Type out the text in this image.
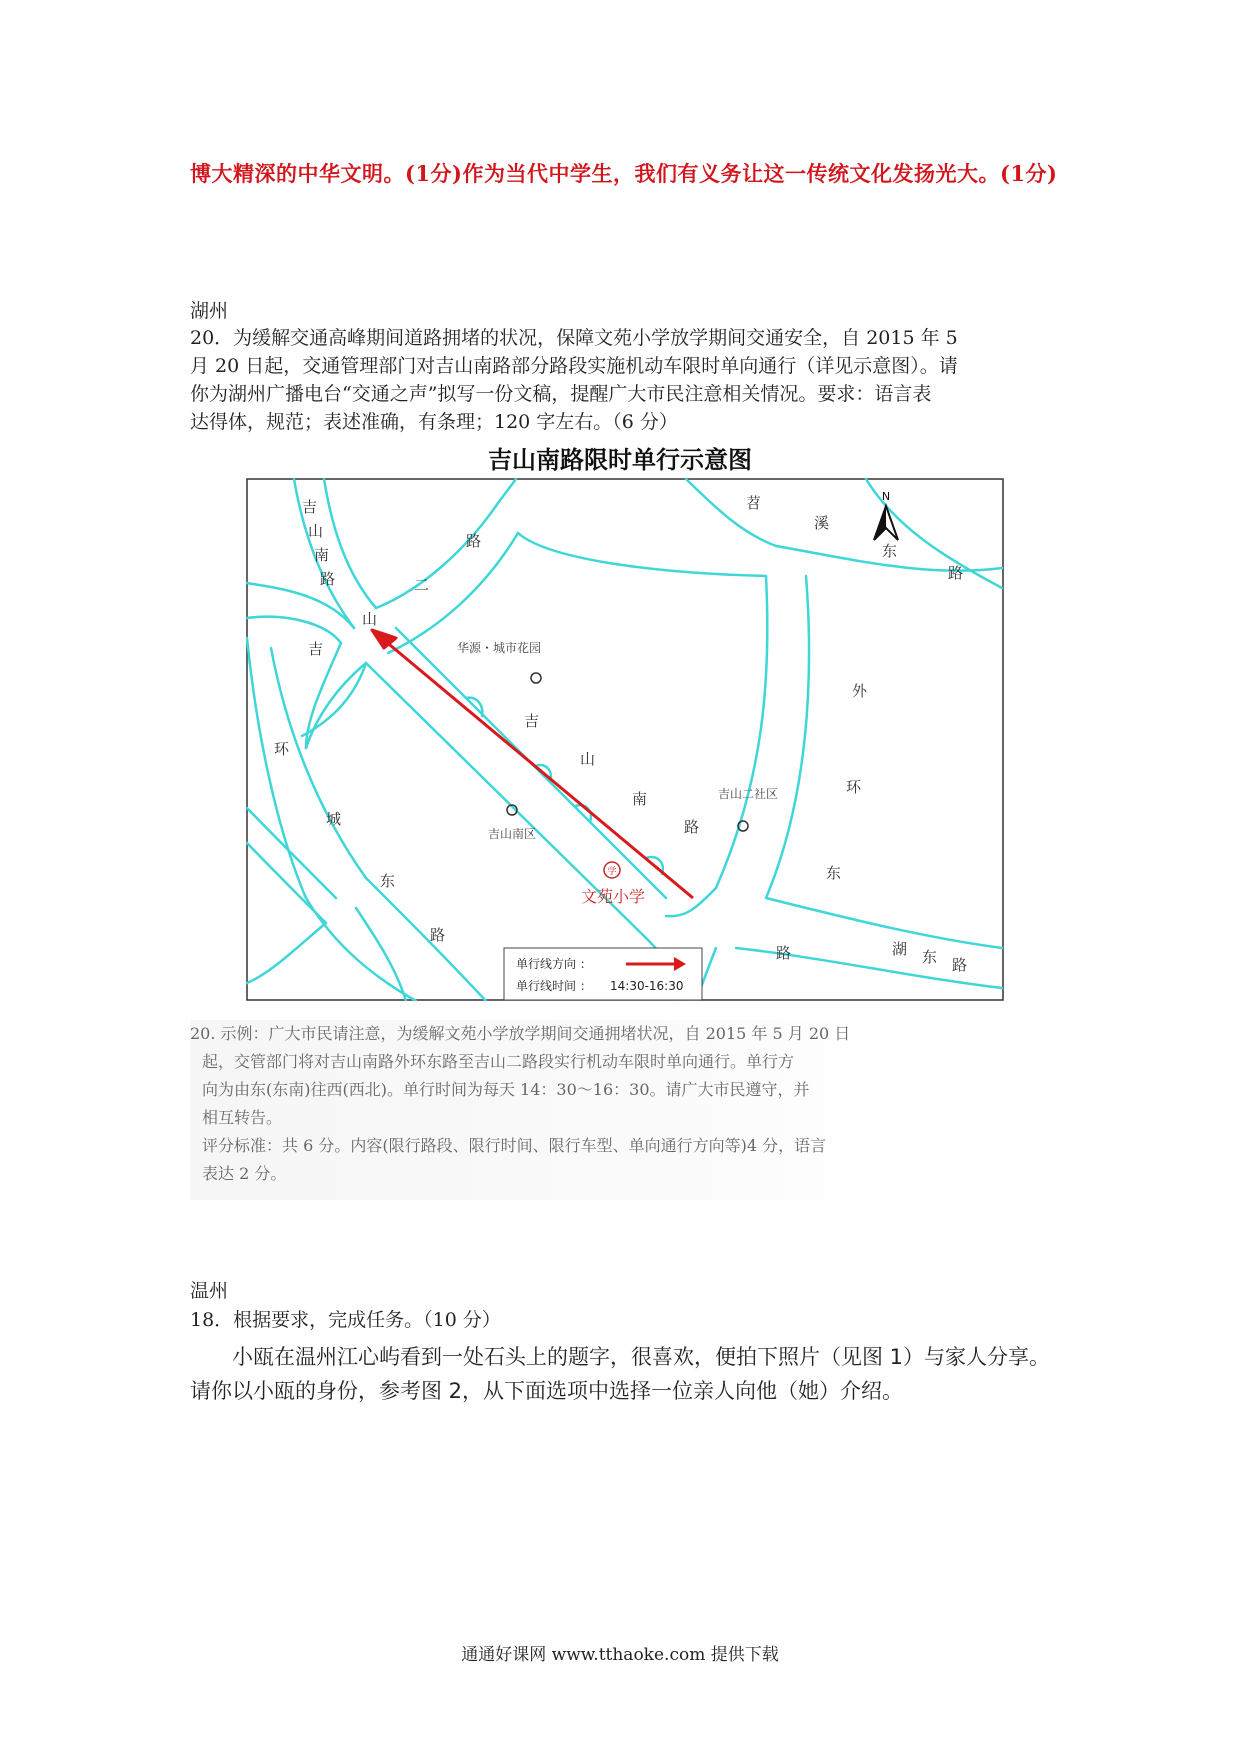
博大精深的中华文明。(1分)作为当代中学生，我们有义务让这一传统文化发扬光大。(1分)
湖州

20．为缓解交通高峰期间道路拥堵的状况，保障文苑小学放学期间交通安全，自 2015 年 5
月 20 日起，交通管理部门对吉山南路部分路段实施机动车限时单向通行（详见示意图）。请
你为湖州广播电台“交通之声”拟写一份文稿，提醒广大市民注意相关情况。要求：语言表
达得体，规范；表述准确，有条理；120 字左右。（6 分）

吉山南路限时单行示意图
N
吉
山
南
路
路
二
山
吉
苕
溪
东
路
外
环
东
路
环
城
东
路
吉
山
南
路
湖 东 路
华源・城市花园
吉山南区
吉山二社区
学
文苑小学
单行线方向 ：
单行线时间 ： 14:30-16:30

20. 示例：广大市民请注意，为缓解文苑小学放学期间交通拥堵状况，自 2015 年 5 月 20 日

起，交管部门将对吉山南路外环东路至吉山二路段实行机动车限时单向通行。单行方

向为由东(东南)往西(西北)。单行时间为每天 14：30～16：30。请广大市民遵守，并

相互转告。

评分标准：共 6 分。内容(限行路段、限行时间、限行车型、单向通行方向等)4 分，语言

表达 2 分。

温州
18．根据要求，完成任务。（10 分）

小瓯在温州江心屿看到一处石头上的题字，很喜欢，便拍下照片（见图 1）与家人分享。
请你以小瓯的身份，参考图 2，从下面选项中选择一位亲人向他（她）介绍。

通通好课网 www.tthaoke.com 提供下载
